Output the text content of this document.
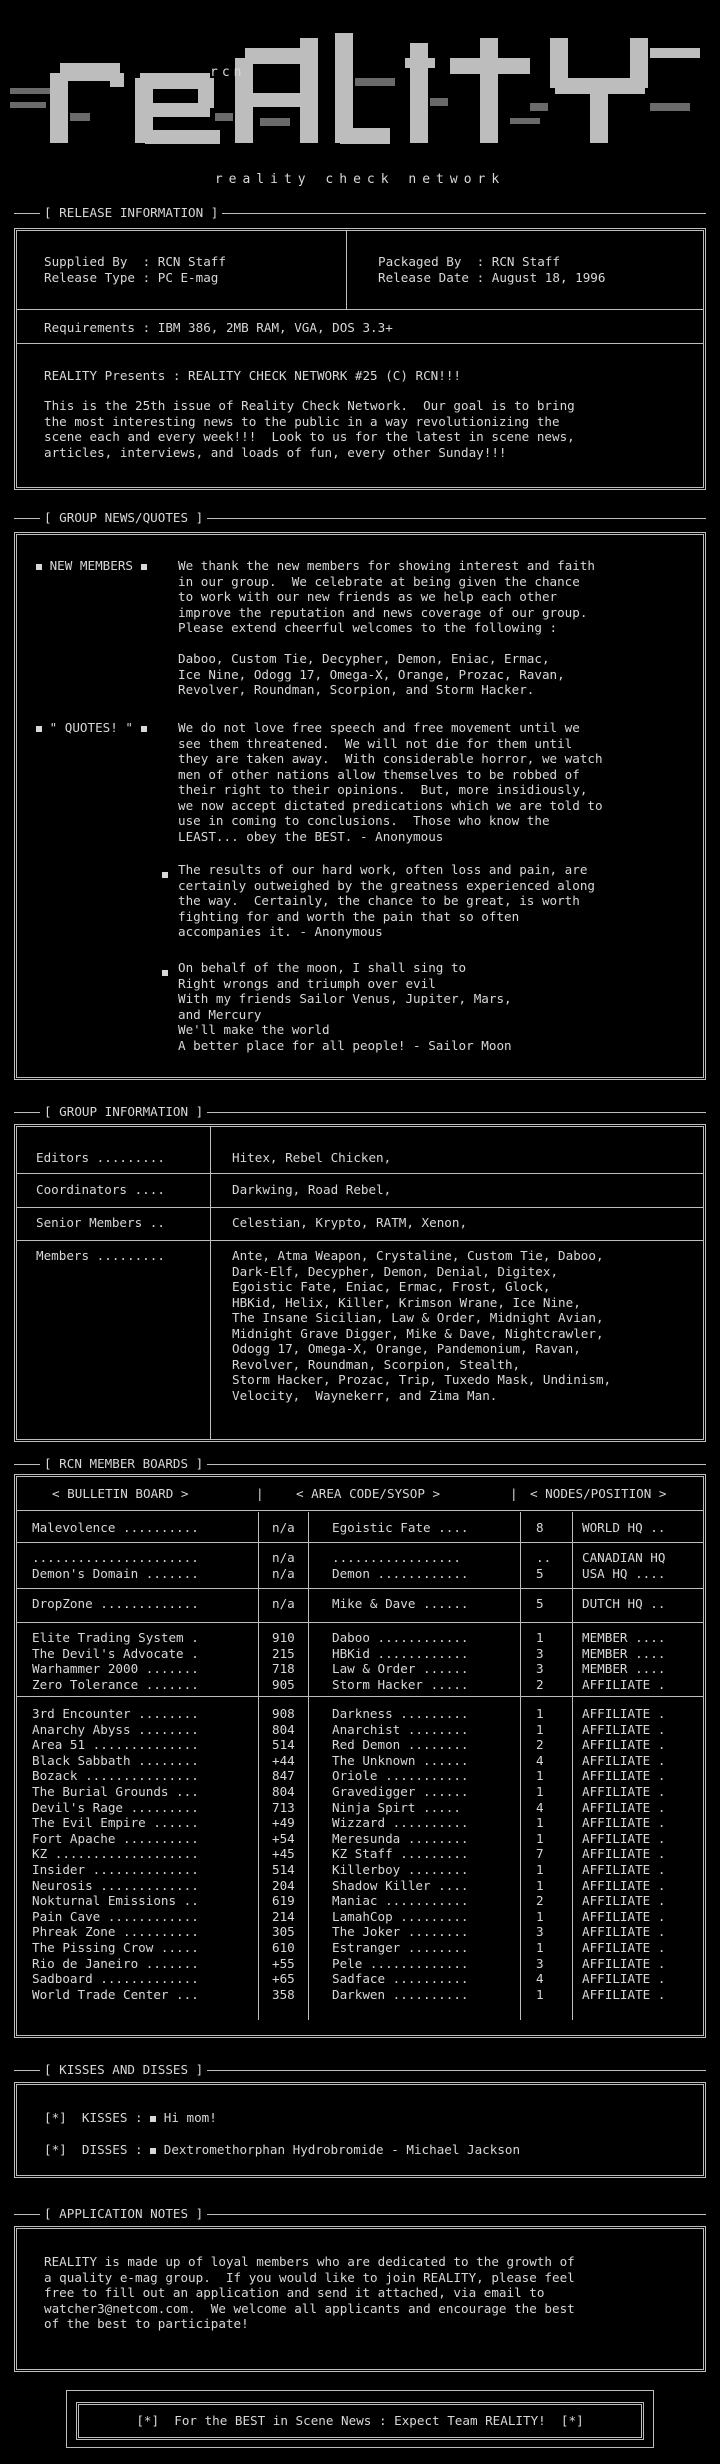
rcn
reality check network
[ RELEASE INFORMATION ]
Supplied By  : RCN Staff
Release Type : PC E-mag
Packaged By  : RCN Staff
Release Date : August 18, 1996
Requirements : IBM 386, 2MB RAM, VGA, DOS 3.3+
REALITY Presents : REALITY CHECK NETWORK #25 (C) RCN!!!
This is the 25th issue of Reality Check Network.  Our goal is to bring
the most interesting news to the public in a way revolutionizing the
scene each and every week!!!  Look to us for the latest in scene news,
articles, interviews, and loads of fun, every other Sunday!!!
[ GROUP NEWS/QUOTES ]
NEW MEMBERS	We thank the new members for showing interest and faith
in our group.  We celebrate at being given the chance
to work with our new friends as we help each other
improve the reputation and news coverage of our group.
Please extend cheerful welcomes to the following :

Daboo, Custom Tie, Decypher, Demon, Eniac, Ermac,
Ice Nine, Odogg 17, Omega-X, Orange, Prozac, Ravan,
Revolver, Roundman, Scorpion, and Storm Hacker.
" QUOTES! "	We do not love free speech and free movement until we
see them threatened.  We will not die for them until
they are taken away.  With considerable horror, we watch
men of other nations allow themselves to be robbed of
their right to their opinions.  But, more insidiously,
we now accept dictated predications which we are told to
use in coming to conclusions.  Those who know the
LEAST... obey the BEST. - Anonymous
The results of our hard work, often loss and pain, are
certainly outweighed by the greatness experienced along
the way.  Certainly, the chance to be great, is worth
fighting for and worth the pain that so often
accompanies it. - Anonymous
On behalf of the moon, I shall sing to
Right wrongs and triumph over evil
With my friends Sailor Venus, Jupiter, Mars,
and Mercury
We'll make the world
A better place for all people! - Sailor Moon
[ GROUP INFORMATION ]
Editors .........	Hitex, Rebel Chicken,
Coordinators ....	Darkwing, Road Rebel,
Senior Members ..	Celestian, Krypto, RATM, Xenon,
Members .........	Ante, Atma Weapon, Crystaline, Custom Tie, Daboo,
Dark-Elf, Decypher, Demon, Denial, Digitex,
Egoistic Fate, Eniac, Ermac, Frost, Glock,
HBKid, Helix, Killer, Krimson Wrane, Ice Nine,
The Insane Sicilian, Law & Order, Midnight Avian,
Midnight Grave Digger, Mike & Dave, Nightcrawler,
Odogg 17, Omega-X, Orange, Pandemonium, Ravan,
Revolver, Roundman, Scorpion, Stealth,
Storm Hacker, Prozac, Trip, Tuxedo Mask, Undinism,
Velocity,  Waynekerr, and Zima Man.
[ RCN MEMBER BOARDS ]
< BULLETIN BOARD >	|	< AREA CODE/SYSOP >	| < NODES/POSITION >
Malevolence ..........	n/a	Egoistic Fate ....	8	WORLD HQ ..
......................	n/a	.................	.. CANADIAN HQ
Demon's Domain .......	n/a	Demon ............	5	USA HQ ....
DropZone .............	n/a	Mike & Dave ......	5	DUTCH HQ ..
Elite Trading System .	910	Daboo ............	1	MEMBER ....
The Devil's Advocate .	215	HBKid ............	3	MEMBER ....
Warhammer 2000 .......	718	Law & Order ......	3	MEMBER ....
Zero Tolerance .......	905	Storm Hacker .....	2	AFFILIATE .
3rd Encounter ........	908	Darkness .........	1	AFFILIATE .
Anarchy Abyss ........	804	Anarchist ........	1	AFFILIATE .
Area 51 ..............	514	Red Demon ........	2	AFFILIATE .
Black Sabbath ........	+44	The Unknown ......	4	AFFILIATE .
Bozack ...............	847	Oriole ...........	1	AFFILIATE .
The Burial Grounds ...	804	Gravedigger ......	1	AFFILIATE .
Devil's Rage .........	713	Ninja Spirt .....	4	AFFILIATE .
The Evil Empire ......	+49	Wizzard ..........	1	AFFILIATE .
Fort Apache ..........	+54	Meresunda ........	1	AFFILIATE .
KZ ...................	+45	KZ Staff .........	7	AFFILIATE .
Insider ..............	514	Killerboy ........	1	AFFILIATE .
Neurosis .............	204	Shadow Killer ....	1	AFFILIATE .
Nokturnal Emissions ..	619	Maniac ...........	2	AFFILIATE .
Pain Cave ............	214	LamahCop .........	1	AFFILIATE .
Phreak Zone ..........	305	The Joker ........	3	AFFILIATE .
The Pissing Crow .....	610	Estranger ........	1	AFFILIATE .
Rio de Janeiro .......	+55	Pele .............	3	AFFILIATE .
Sadboard .............	+65	Sadface ..........	4	AFFILIATE .
World Trade Center ...	358	Darkwen ..........	1	AFFILIATE .
[ KISSES AND DISSES ]
[*]  KISSES :  Hi mom!
[*]  DISSES :  Dextromethorphan Hydrobromide - Michael Jackson
[ APPLICATION NOTES ]
REALITY is made up of loyal members who are dedicated to the growth of
a quality e-mag group.  If you would like to join REALITY, please feel
free to fill out an application and send it attached, via email to
watcher3@netcom.com.  We welcome all applicants and encourage the best
of the best to participate!
[*]  For the BEST in Scene News : Expect Team REALITY!  [*]
